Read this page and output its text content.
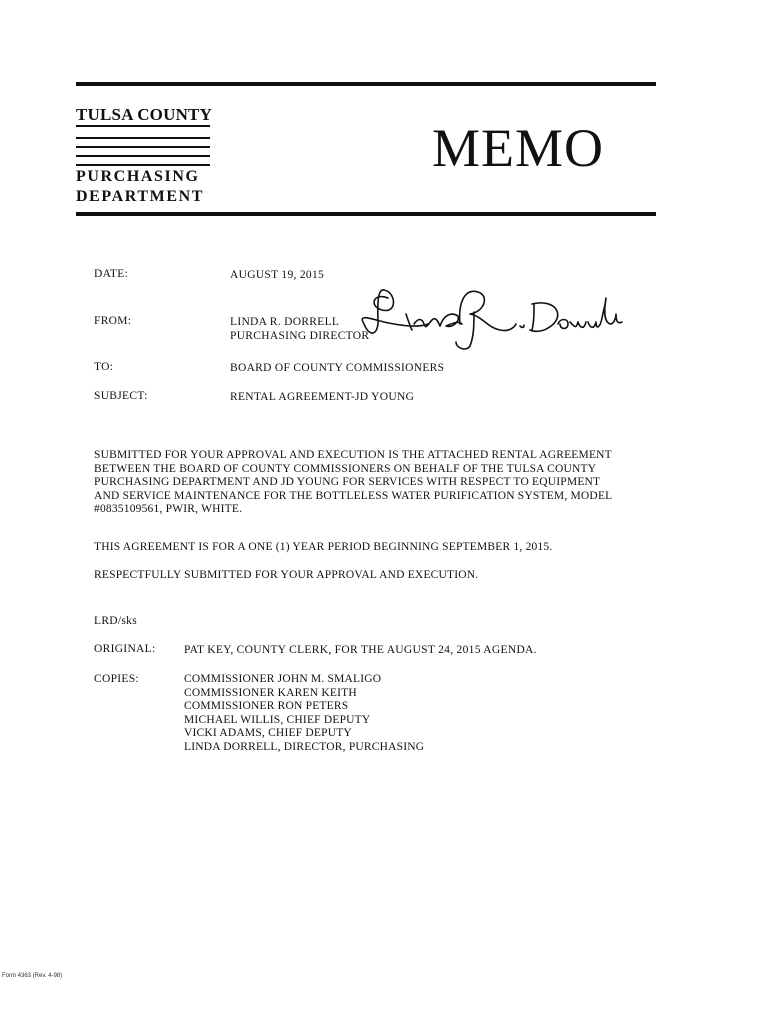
TULSA COUNTY
PURCHASING
DEPARTMENT
MEMO
DATE:	AUGUST 19, 2015
FROM:	LINDA R. DORRELL
PURCHASING DIRECTOR
TO:	BOARD OF COUNTY COMMISSIONERS
SUBJECT:	RENTAL AGREEMENT-JD YOUNG
SUBMITTED FOR YOUR APPROVAL AND EXECUTION IS THE ATTACHED RENTAL AGREEMENT BETWEEN THE BOARD OF COUNTY COMMISSIONERS ON BEHALF OF THE TULSA COUNTY PURCHASING DEPARTMENT AND JD YOUNG FOR SERVICES WITH RESPECT TO EQUIPMENT AND SERVICE MAINTENANCE FOR THE BOTTLELESS WATER PURIFICATION SYSTEM, MODEL #0835109561, PWIR, WHITE.
THIS AGREEMENT IS FOR A ONE (1) YEAR PERIOD BEGINNING SEPTEMBER 1, 2015.
RESPECTFULLY SUBMITTED FOR YOUR APPROVAL AND EXECUTION.
LRD/sks
ORIGINAL: PAT KEY, COUNTY CLERK, FOR THE AUGUST 24, 2015 AGENDA.
COPIES:	COMMISSIONER JOHN M. SMALIGO
COMMISSIONER KAREN KEITH
COMMISSIONER RON PETERS
MICHAEL WILLIS, CHIEF DEPUTY
VICKI ADAMS, CHIEF DEPUTY
LINDA DORRELL, DIRECTOR, PURCHASING
Form 4363 (Rev. 4-98)
